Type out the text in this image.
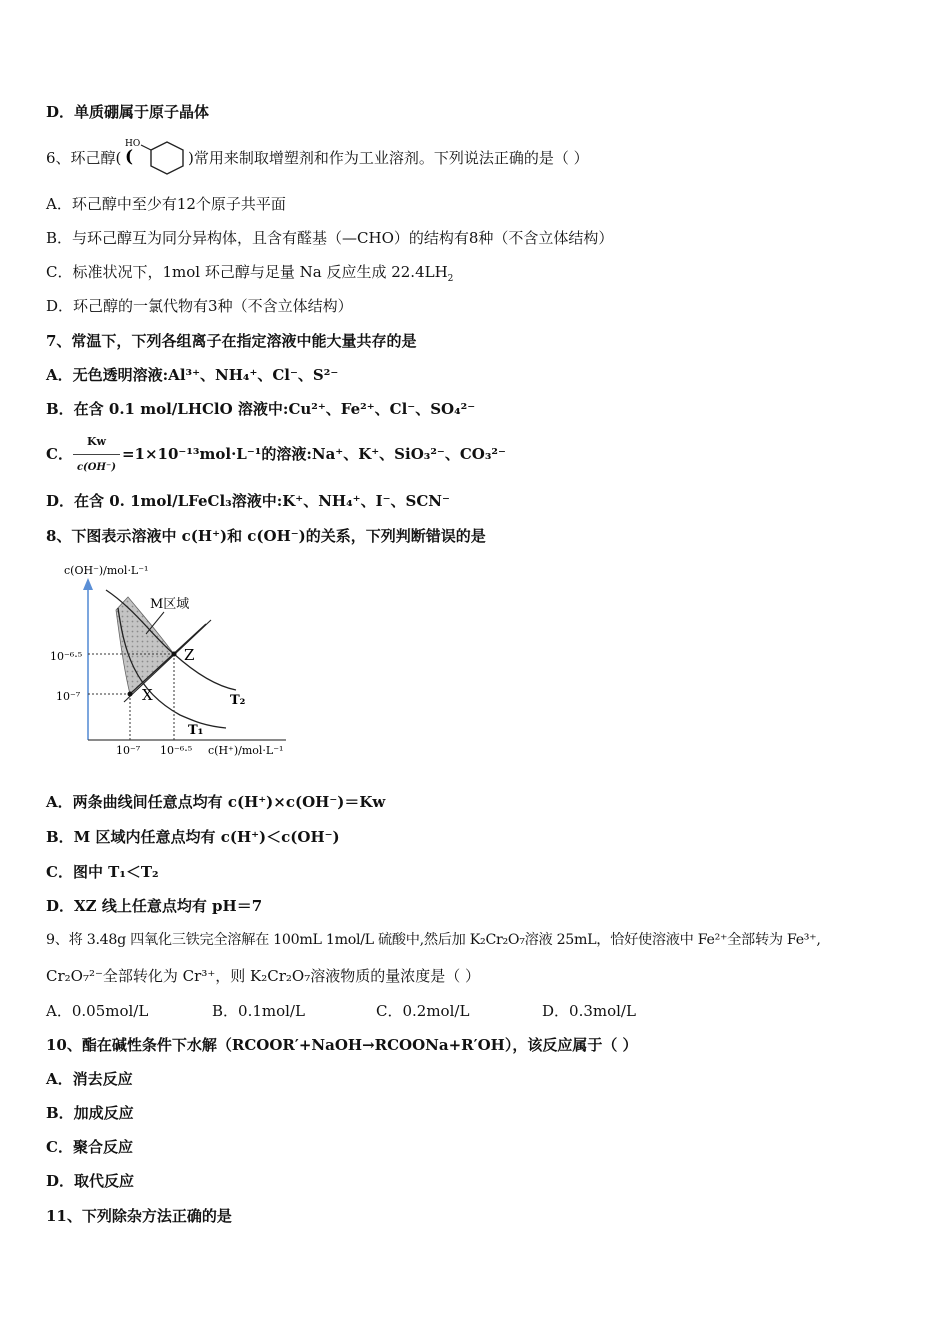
D．单质硼属于原子晶体
6、环己醇(
HO
(	)常用来制取增塑剂和作为工业溶剂。下列说法正确的是（ ）
A．环己醇中至少有12个原子共平面
B．与环己醇互为同分异构体，且含有醛基（—CHO）的结构有8种（不含立体结构）
C．标准状况下，1mol 环己醇与足量 Na 反应生成 $22.4LH_2$
D．环己醇的一氯代物有3种（不含立体结构）
7、常温下，下列各组离子在指定溶液中能大量共存的是
A．无色透明溶液:Al³⁺、NH₄⁺、Cl⁻、S²⁻
B．在含 0.1 mol/LHClO 溶液中:Cu²⁺、Fe²⁺、Cl⁻、SO₄²⁻
C． $\frac{Kw}{c(OH^-)} =1\times 10^{-13}mol\cdot L^{-1}$的溶液:Na⁺、K⁺、SiO₃²⁻、CO₃²⁻
D．在含 0. 1mol/LFeCl₃溶液中:K⁺、NH₄⁺、I⁻、SCN⁻
8、下图表示溶液中 c(H⁺)和 c(OH⁻)的关系，下列判断错误的是
c(OH⁻)/mol·L⁻¹
c(H⁺)/mol·L⁻¹
10⁻⁶·⁵
10⁻⁷
10⁻⁷ 10⁻⁶·⁵
X
Z
T₁
T₂
M区域
A．两条曲线间任意点均有 c(H⁺)×c(OH⁻)＝Kw
B．M 区域内任意点均有 c(H⁺)＜c(OH⁻)
C．图中 T₁＜T₂
D．XZ 线上任意点均有 pH＝7
9、将 3.48g 四氧化三铁完全溶解在 100mL 1mol/L 硫酸中,然后加 K₂Cr₂O₇溶液 25mL，恰好使溶液中 Fe²⁺全部转为 Fe³⁺,
Cr₂O₇²⁻全部转化为 Cr³⁺，则 K₂Cr₂O₇溶液物质的量浓度是（ ）
A．0.05mol/L	B．0.1mol/L	C．0.2mol/L	D．0.3mol/L
10、酯在碱性条件下水解（RCOOR′+NaOH→RCOONa+R′OH），该反应属于（ ）
A．消去反应
B．加成反应
C．聚合反应
D．取代反应
11、下列除杂方法正确的是
